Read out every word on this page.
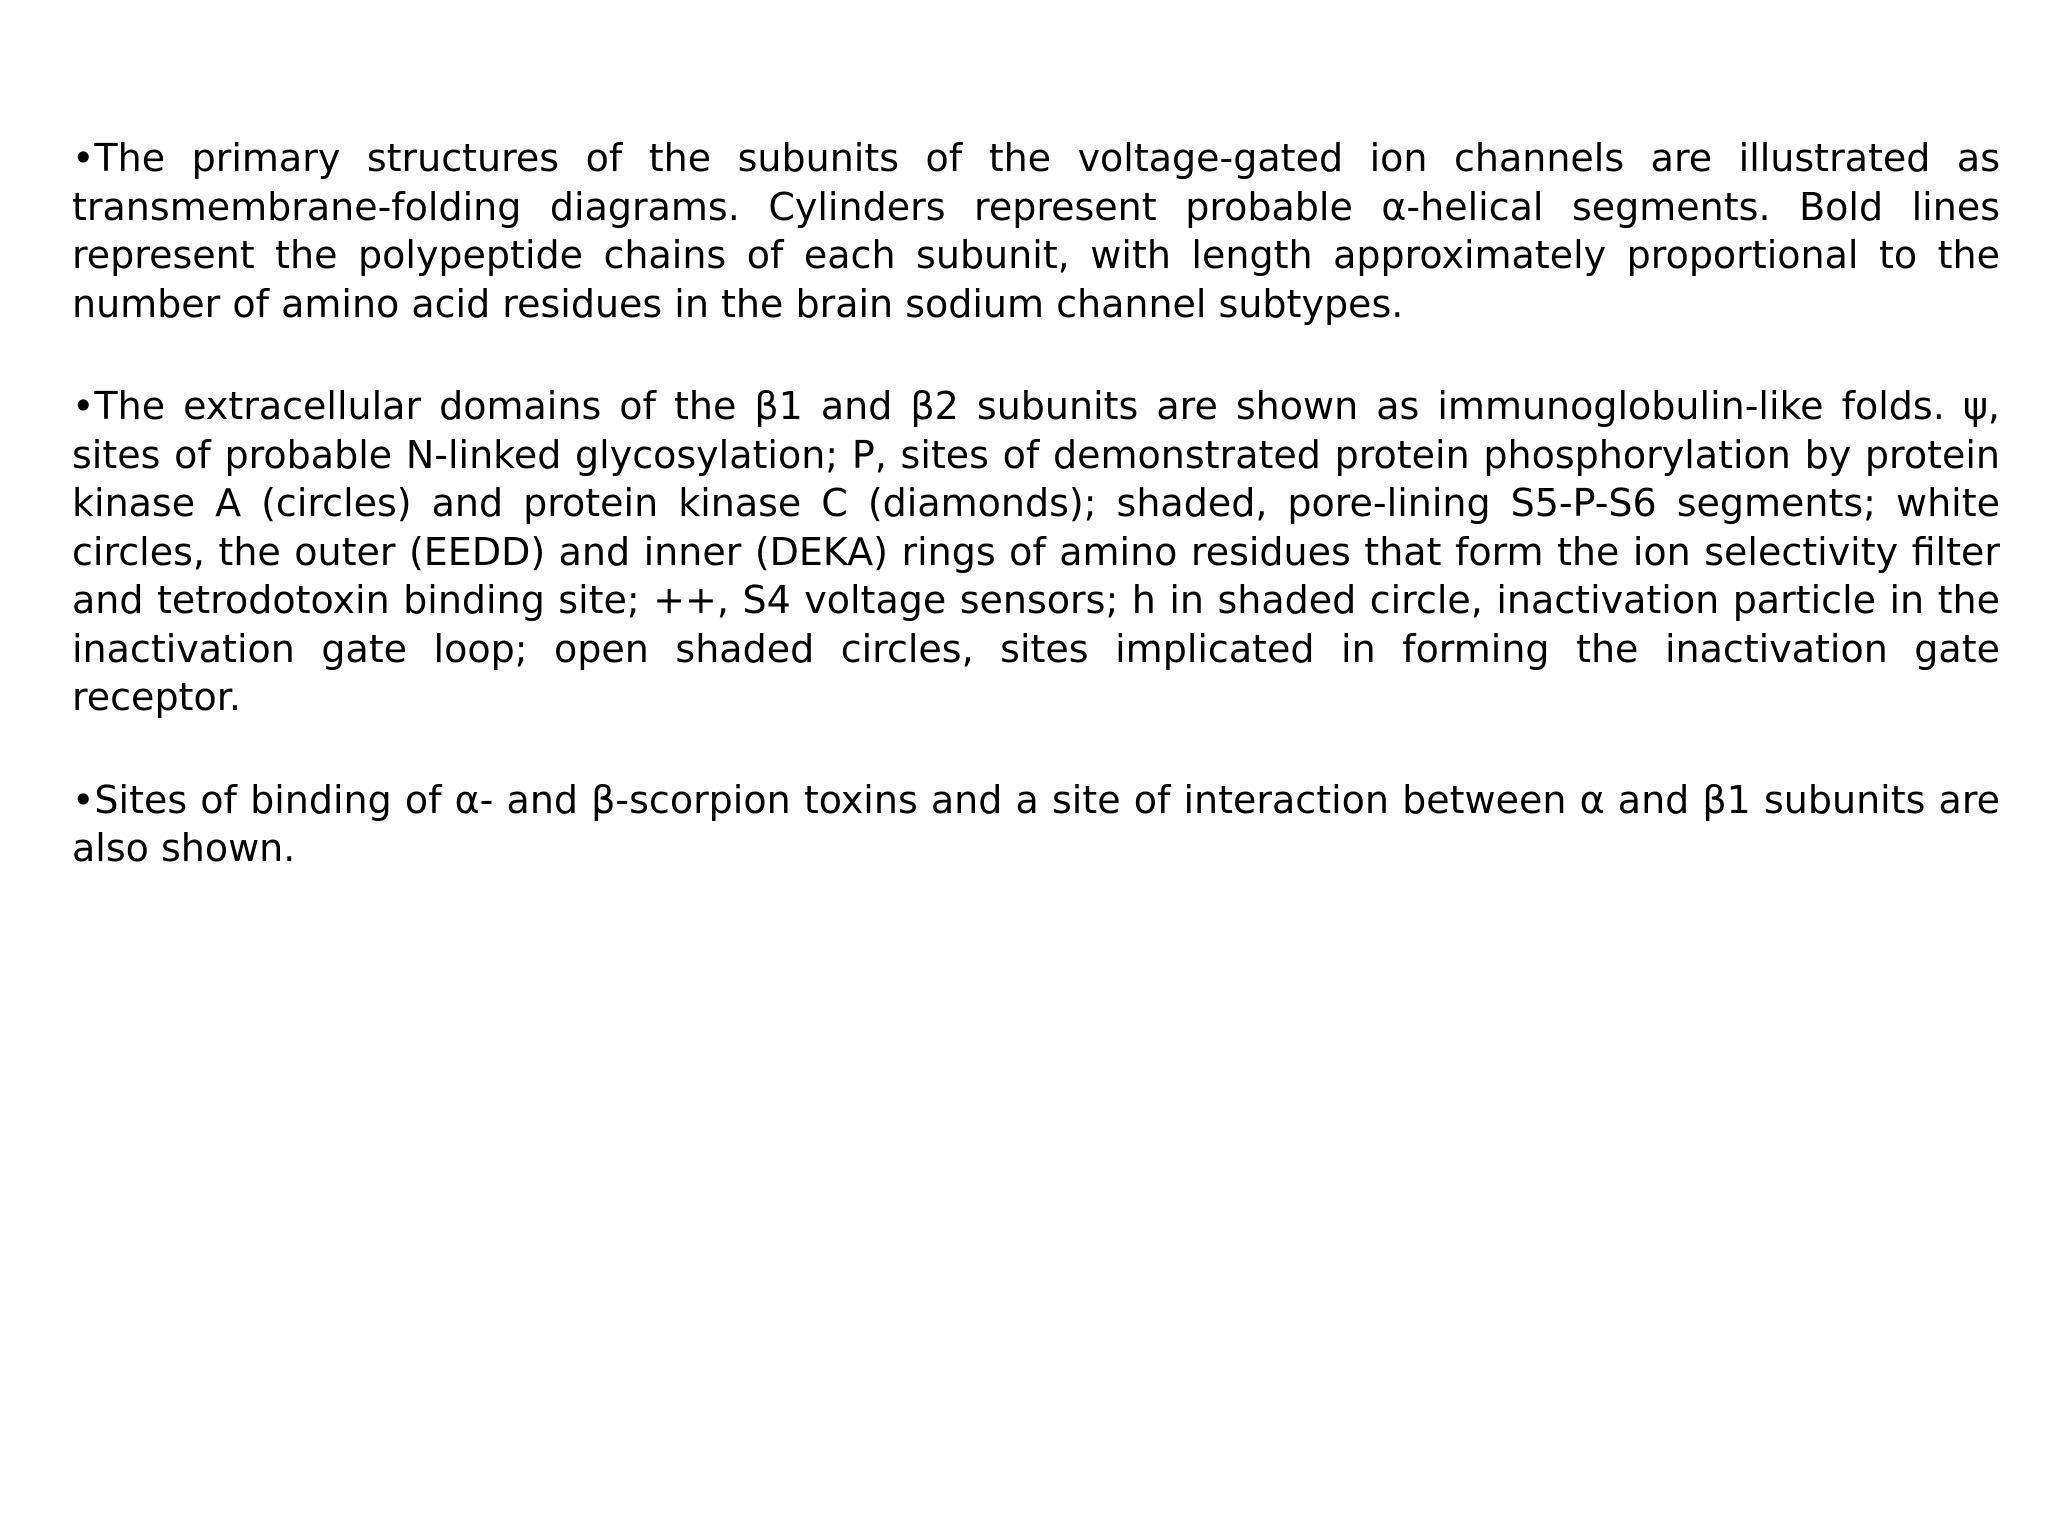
•The primary structures of the subunits of the voltage-gated ion channels are illustrated as transmembrane-folding diagrams. Cylinders represent probable α-helical segments. Bold lines represent the polypeptide chains of each subunit, with length approximately proportional to the number of amino acid residues in the brain sodium channel subtypes.

•The extracellular domains of the β1 and β2 subunits are shown as immunoglobulin-like folds. ψ, sites of probable N-linked glycosylation; P, sites of demonstrated protein phosphorylation by protein kinase A (circles) and protein kinase C (diamonds); shaded, pore-lining S5-P-S6 segments; white circles, the outer (EEDD) and inner (DEKA) rings of amino residues that form the ion selectivity filter and tetrodotoxin binding site; ++, S4 voltage sensors; h in shaded circle, inactivation particle in the inactivation gate loop; open shaded circles, sites implicated in forming the inactivation gate receptor.

•Sites of binding of α- and β-scorpion toxins and a site of interaction between α and β1 subunits are also shown.
